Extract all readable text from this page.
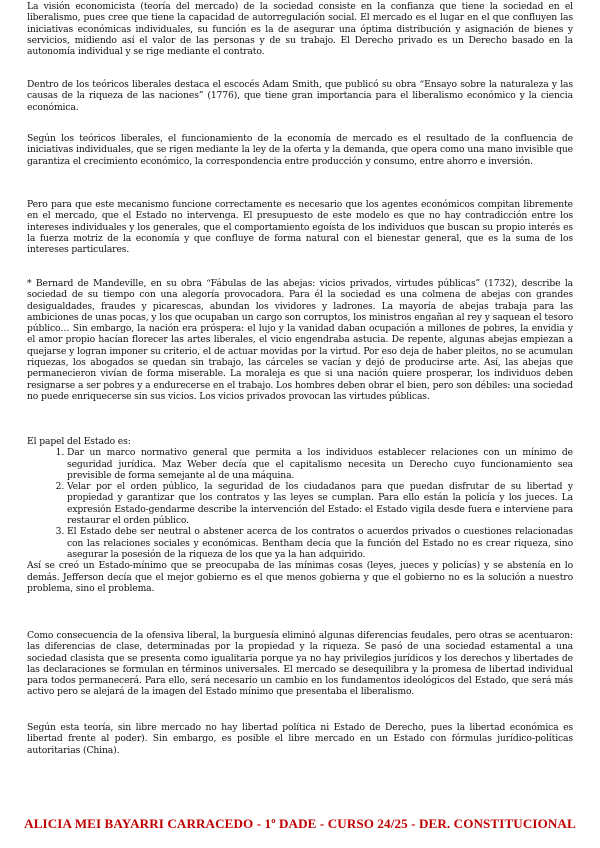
La visión economicista (teoría del mercado) de la sociedad consiste en la confianza que tiene la sociedad en el liberalismo, pues cree que tiene la capacidad de autorregulación social. El mercado es el lugar en el que confluyen las iniciativas económicas individuales, su función es la de asegurar una óptima distribución y asignación de bienes y servicios, midiendo así el valor de las personas y de su trabajo. El Derecho privado es un Derecho basado en la autonomía individual y se rige mediante el contrato.

Dentro de los teóricos liberales destaca el escocés Adam Smith, que publicó su obra “Ensayo sobre la naturaleza y las causas de la riqueza de las naciones” (1776), que tiene gran importancia para el liberalismo económico y la ciencia económica.

Según los teóricos liberales, el funcionamiento de la economía de mercado es el resultado de la confluencia de iniciativas individuales, que se rigen mediante la ley de la oferta y la demanda, que opera como una mano invisible que garantiza el crecimiento económico, la correspondencia entre producción y consumo, entre ahorro e inversión.

Pero para que este mecanismo funcione correctamente es necesario que los agentes económicos compitan libremente en el mercado, que el Estado no intervenga. El presupuesto de este modelo es que no hay contradicción entre los intereses individuales y los generales, que el comportamiento egoísta de los individuos que buscan su propio interés es la fuerza motriz de la economía y que confluye de forma natural con el bienestar general, que es la suma de los intereses particulares.

* Bernard de Mandeville, en su obra “Fábulas de las abejas: vicios privados, virtudes públicas” (1732), describe la sociedad de su tiempo con una alegoría provocadora. Para él la sociedad es una colmena de abejas con grandes desigualdades, fraudes y picarescas, abundan los vividores y ladrones. La mayoría de abejas trabaja para las ambiciones de unas pocas, y los que ocupaban un cargo son corruptos, los ministros engañan al rey y saquean el tesoro público… Sin embargo, la nación era próspera: el lujo y la vanidad daban ocupación a millones de pobres, la envidia y el amor propio hacían florecer las artes liberales, el vicio engendraba astucia. De repente, algunas abejas empiezan a quejarse y logran imponer su criterio, el de actuar movidas por la virtud. Por eso deja de haber pleitos, no se acumulan riquezas, los abogados se quedan sin trabajo, las cárceles se vacían y dejó de producirse arte. Así, las abejas que permanecieron vivían de forma miserable. La moraleja es que si una nación quiere prosperar, los individuos deben resignarse a ser pobres y a endurecerse en el trabajo. Los hombres deben obrar el bien, pero son débiles: una sociedad no puede enriquecerse sin sus vicios. Los vicios privados provocan las virtudes públicas.

El papel del Estado es:

1. Dar un marco normativo general que permita a los individuos establecer relaciones con un mínimo de seguridad jurídica. Maz Weber decía que el capitalismo necesita un Derecho cuyo funcionamiento sea previsible de forma semejante al de una máquina.
2. Velar por el orden público, la seguridad de los ciudadanos para que puedan disfrutar de su libertad y propiedad y garantizar que los contratos y las leyes se cumplan. Para ello están la policía y los jueces. La expresión Estado-gendarme describe la intervención del Estado: el Estado vigila desde fuera e interviene para restaurar el orden público.
3. El Estado debe ser neutral o abstener acerca de los contratos o acuerdos privados o cuestiones relacionadas con las relaciones sociales y económicas. Bentham decía que la función del Estado no es crear riqueza, sino asegurar la posesión de la riqueza de los que ya la han adquirido.

Así se creó un Estado-mínimo que se preocupaba de las mínimas cosas (leyes, jueces y policías) y se abstenía en lo demás. Jefferson decía que el mejor gobierno es el que menos gobierna y que el gobierno no es la solución a nuestro problema, sino el problema.

Como consecuencia de la ofensiva liberal, la burguesía eliminó algunas diferencias feudales, pero otras se acentuaron: las diferencias de clase, determinadas por la propiedad y la riqueza. Se pasó de una sociedad estamental a una sociedad clasista que se presenta como igualitaria porque ya no hay privilegios jurídicos y los derechos y libertades de las declaraciones se formulan en términos universales. El mercado se desequilibra y la promesa de libertad individual para todos permanecerá. Para ello, será necesario un cambio en los fundamentos ideológicos del Estado, que será más activo pero se alejará de la imagen del Estado mínimo que presentaba el liberalismo.

Según esta teoría, sin libre mercado no hay libertad política ni Estado de Derecho, pues la libertad económica es libertad frente al poder). Sin embargo, es posible el libre mercado en un Estado con fórmulas jurídico-políticas autoritarias (China).

ALICIA MEI BAYARRI CARRACEDO - 1º DADE - CURSO 24/25 - DER. CONSTITUCIONAL
